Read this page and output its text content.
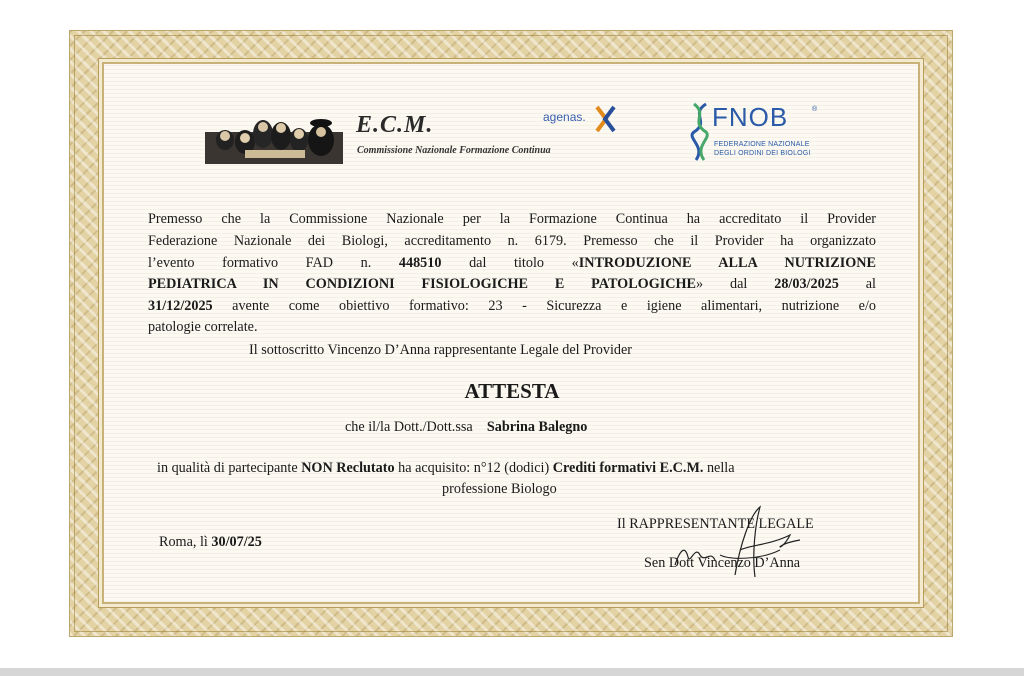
E.C.M.
Commissione Nazionale Formazione Continua
agenas.	FNOB	®
FEDERAZIONE NAZIONALE
DEGLI ORDINI DEI BIOLOGI
Premesso che la Commissione Nazionale per la Formazione Continua ha accreditato il Provider
Federazione Nazionale dei Biologi, accreditamento n. 6179. Premesso che il Provider ha organizzato
l’evento formativo FAD n. 448510 dal titolo «INTRODUZIONE ALLA NUTRIZIONE
PEDIATRICA IN CONDIZIONI FISIOLOGICHE E PATOLOGICHE» dal 28/03/2025 al
31/12/2025 avente come obiettivo formativo: 23 - Sicurezza e igiene alimentari, nutrizione e/o
patologie correlate.
Il sottoscritto Vincenzo D’Anna rappresentante Legale del Provider
ATTESTA
che il/la Dott./Dott.ssa Sabrina Balegno
in qualità di partecipante NON Reclutato ha acquisito: n°12 (dodici) Crediti formativi E.C.M. nella
professione Biologo
Roma, lì 30/07/25
Il RAPPRESENTANTE LEGALE
Sen Dott Vincenzo D’Anna
